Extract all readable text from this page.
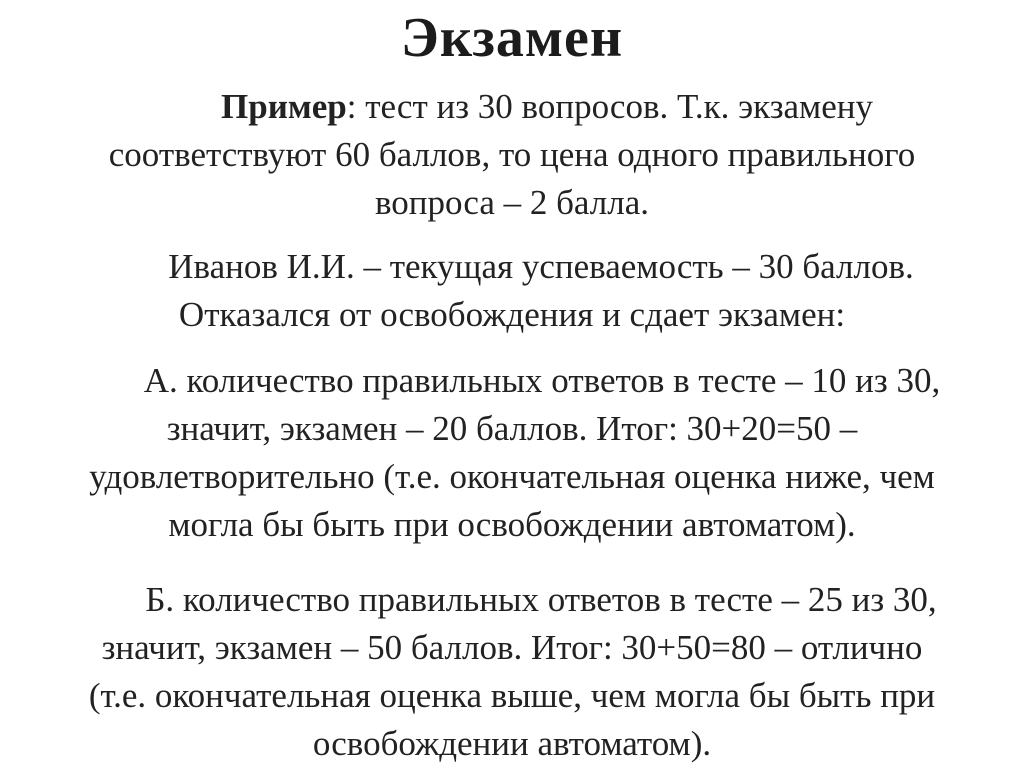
Экзамен
Пример: тест из 30 вопросов. Т.к. экзамену
соответствуют 60 баллов, то цена одного правильного
вопроса – 2 балла.
Иванов И.И. – текущая успеваемость – 30 баллов.
Отказался от освобождения и сдает экзамен:
А. количество правильных ответов в тесте – 10 из 30,
значит, экзамен – 20 баллов. Итог: 30+20=50 –
удовлетворительно (т.е. окончательная оценка ниже, чем
могла бы быть при освобождении автоматом).
Б. количество правильных ответов в тесте – 25 из 30,
значит, экзамен – 50 баллов. Итог: 30+50=80 – отлично
(т.е. окончательная оценка выше, чем могла бы быть при
освобождении автоматом).
